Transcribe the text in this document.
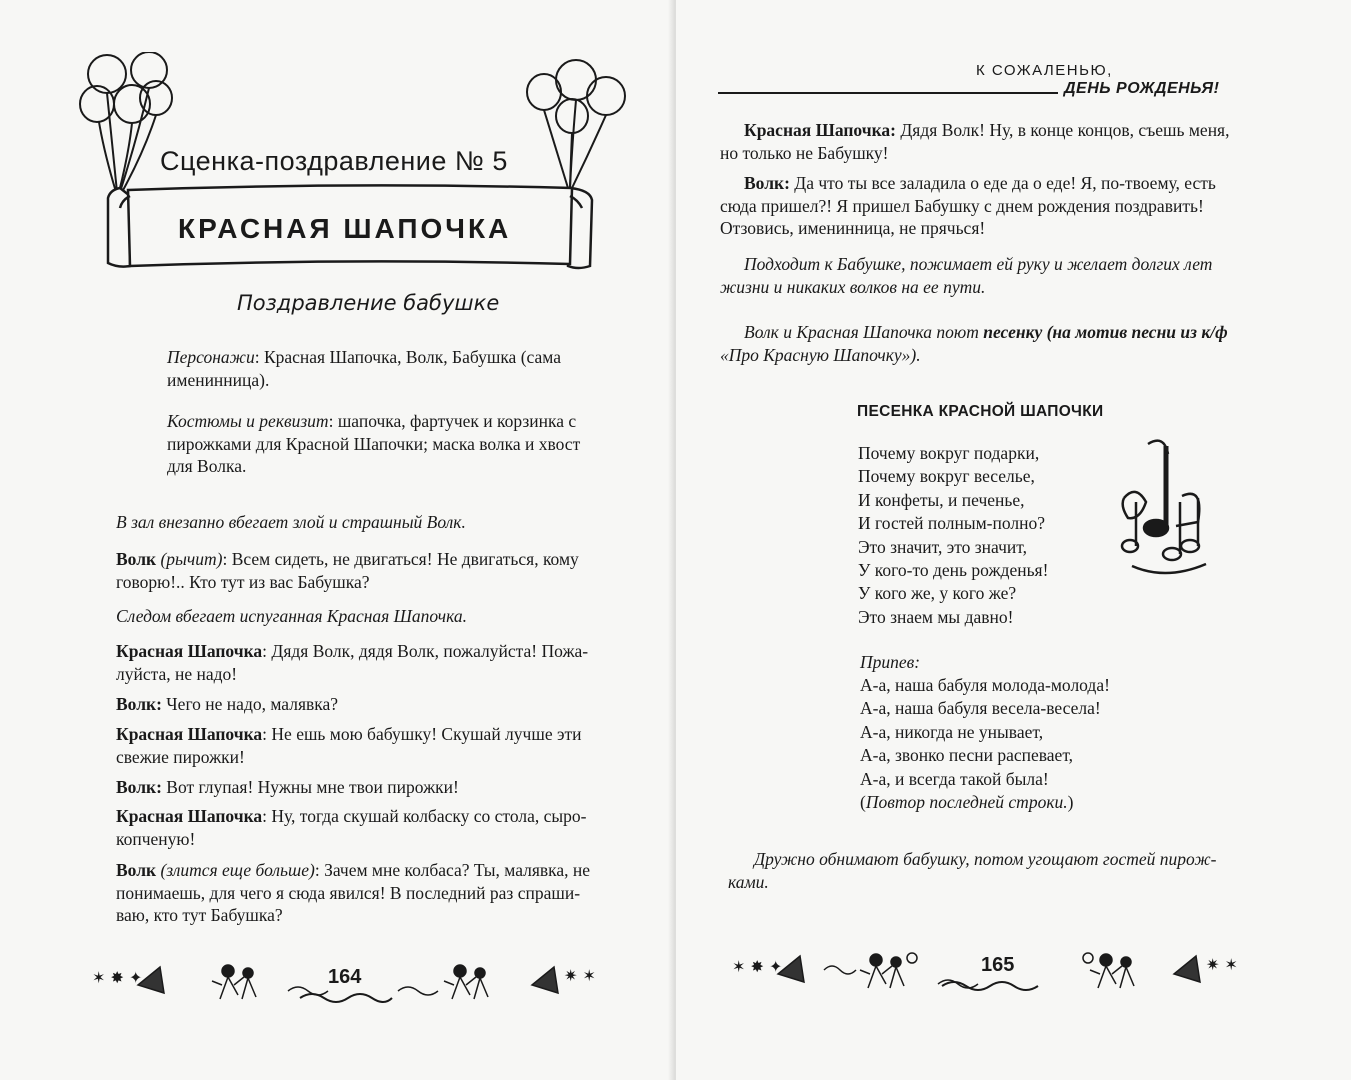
Сценка-поздравление № 5
КРАСНАЯ ШАПОЧКА
Поздравление бабушке
Персонажи: Красная Шапочка, Волк, Бабушка (сама
именинница).
Костюмы и реквизит: шапочка, фартучек и корзинка с
пирожками для Красной Шапочки; маска волка и хвост
для Волка.
В зал внезапно вбегает злой и страшный Волк.
Волк (рычит): Всем сидеть, не двигаться! Не двигаться, кому
говорю!.. Кто тут из вас Бабушка?
Следом вбегает испуганная Красная Шапочка.
Красная Шапочка: Дядя Волк, дядя Волк, пожалуйста! Пожа-
луйста, не надо!
Волк: Чего не надо, малявка?
Красная Шапочка: Не ешь мою бабушку! Скушай лучше эти
свежие пирожки!
Волк: Вот глупая! Нужны мне твои пирожки!
Красная Шапочка: Ну, тогда скушай колбаску со стола, сыро-
копченую!
Волк (злится еще больше): Зачем мне колбаса? Ты, малявка, не
понимаешь, для чего я сюда явился! В последний раз спраши-
ваю, кто тут Бабушка?
✶ ✸ ✦	✷ ✶
164
К СОЖАЛЕНЬЮ,
ДЕНЬ РОЖДЕНЬЯ!
Красная Шапочка: Дядя Волк! Ну, в конце концов, съешь меня,
но только не Бабушку!
Волк: Да что ты все заладила о еде да о еде! Я, по-твоему, есть
сюда пришел?! Я пришел Бабушку с днем рождения поздравить!
Отзовись, именинница, не прячься!
Подходит к Бабушке, пожимает ей руку и желает долгих лет
жизни и никаких волков на ее пути.
Волк и Красная Шапочка поют песенку (на мотив песни из к/ф
«Про Красную Шапочку»).
ПЕСЕНКА КРАСНОЙ ШАПОЧКИ
Почему вокруг подарки,
Почему вокруг веселье,
И конфеты, и печенье,
И гостей полным-полно?
Это значит, это значит,
У кого-то день рожденья!
У кого же, у кого же?
Это знаем мы давно!
Припев:
А-а, наша бабуля молода-молода!
А-а, наша бабуля весела-весела!
А-а, никогда не унывает,
А-а, звонко песни распевает,
А-а, и всегда такой была!
(Повтор последней строки.)
Дружно обнимают бабушку, потом угощают гостей пирож-
ками.
✶ ✸ ✦	✷ ✶
165
